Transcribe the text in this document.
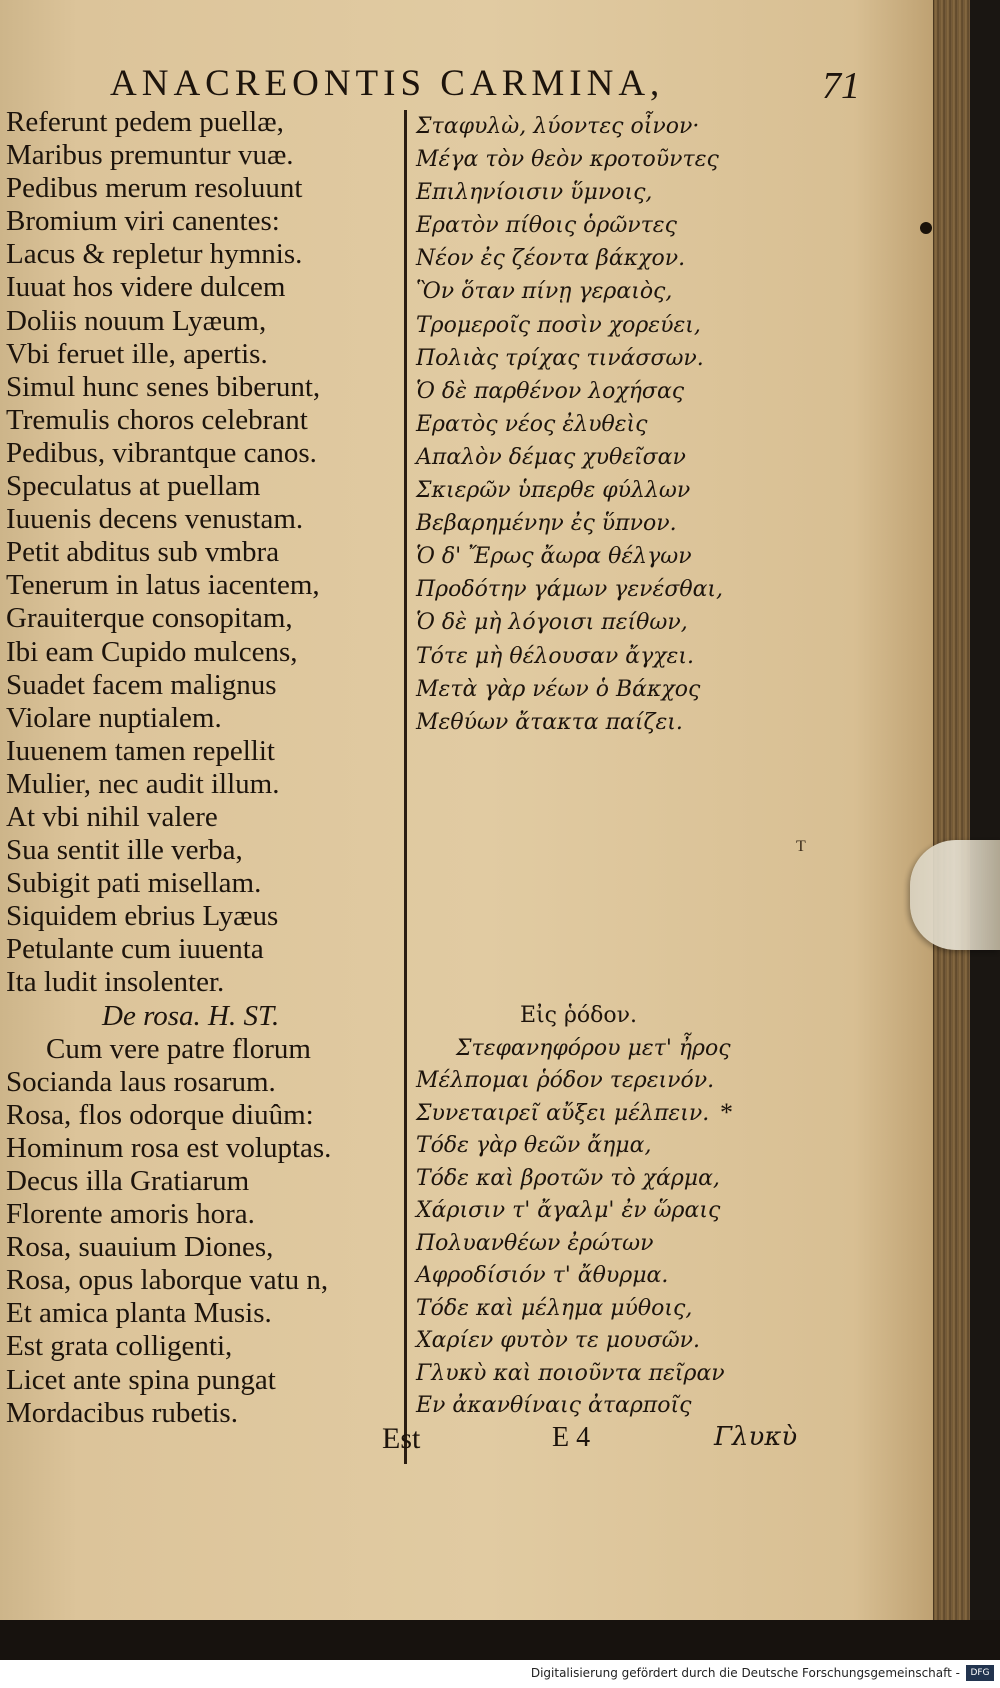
ANACREONTIS CARMINA,	71
Referunt pedem puellæ,
Maribus premuntur vuæ.
Pedibus merum resoluunt
Bromium viri canentes:
Lacus & repletur hymnis.
Iuuat hos videre dulcem
Doliis nouum Lyæum,
Vbi feruet ille, apertis.
Simul hunc senes biberunt,
Tremulis choros celebrant
Pedibus, vibrantque canos.
Speculatus at puellam
Iuuenis decens venustam.
Petit abditus sub vmbra
Tenerum in latus iacentem,
Grauiterque consopitam,
Ibi eam Cupido mulcens,
Suadet facem malignus
Violare nuptialem.
Iuuenem tamen repellit
Mulier, nec audit illum.
At vbi nihil valere
Sua sentit ille verba,
Subigit pati misellam.
Siquidem ebrius Lyæus
Petulante cum iuuenta
Ita ludit insolenter.
De rosa. H. ST.
Cum vere patre florum
Socianda laus rosarum.
Rosa, flos odorque diuûm:
Hominum rosa est voluptas.
Decus illa Gratiarum
Florente amoris hora.
Rosa, suauium Diones,
Rosa, opus laborque vatu n,
Et amica planta Musis.
Est grata colligenti,
Licet ante spina pungat
Mordacibus rubetis.
Σταφυλὼ, λύοντες οἶνον·
Μέγα τὸν θεὸν κροτοῦντες
Επιληνίοισιν ὕμνοις,
Ερατὸν πίθοις ὁρῶντες
Νέον ἐς ζέοντα βάκχον.
Ὃν ὅταν πίνῃ γεραιὸς,
Τρομεροῖς ποσὶν χορεύει,
Πολιὰς τρίχας τινάσσων.
Ὁ δὲ παρθένον λοχήσας
Ερατὸς νέος ἐλυθεὶς
Απαλὸν δέμας χυθεῖσαν
Σκιερῶν ὑπερθε φύλλων
Βεβαρημένην ἐς ὕπνον.
Ὁ δ' Ἔρως ἄωρα θέλγων
Προδότην γάμων γενέσθαι,
Ὁ δὲ μὴ λόγοισι πείθων,
Τότε μὴ θέλουσαν ἄγχει.
Μετὰ γὰρ νέων ὁ Βάκχος
Μεθύων ἄτακτα παίζει.
Εἰς ῥόδον.
Στεφανηφόρου μετ' ἦρος
Μέλπομαι ῥόδον τερεινόν.
Συνεταιρεῖ αὔξει μέλπειν.
Τόδε γὰρ θεῶν ἄημα,
Τόδε καὶ βροτῶν τὸ χάρμα,
Χάρισιν τ' ἄγαλμ' ἐν ὥραις
Πολυανθέων ἐρώτων
Αφροδίσιόν τ' ἄθυρμα.
Τόδε καὶ μέλημα μύθοις,
Χαρίεν φυτὸν τε μουσῶν.
Γλυκὺ καὶ ποιοῦντα πεῖραν
Εν ἀκανθίναις ἀταρποῖς
*
T
Est	E 4	Γλυκὺ
Digitalisierung gefördert durch die Deutsche Forschungsgemeinschaft -	DFG
